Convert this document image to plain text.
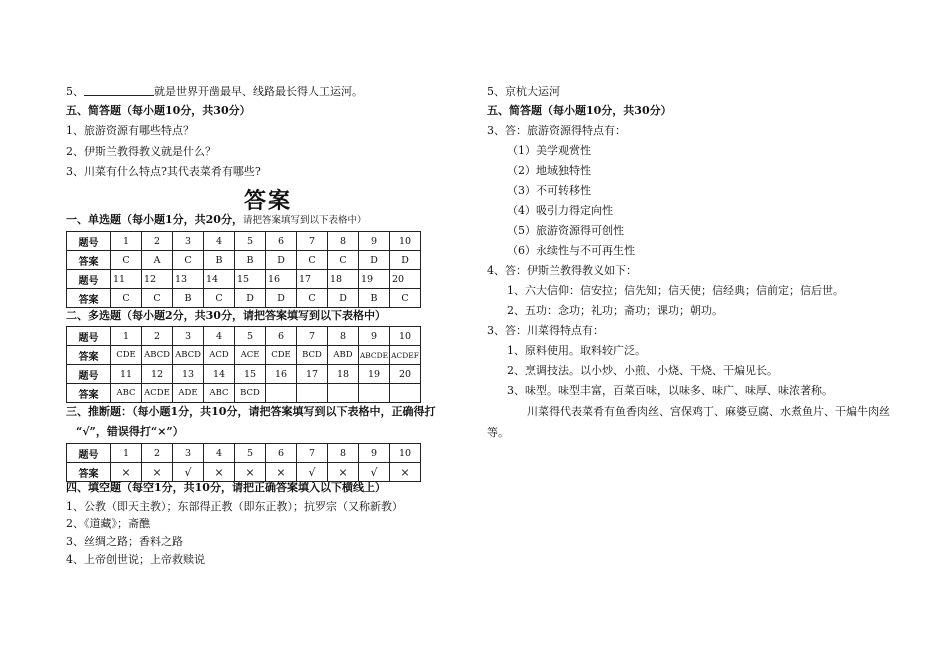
5、	就是世界开凿最早、线路最长得人工运河。
五、简答题（每小题10分，共30分）
1、旅游资源有哪些特点？
2、伊斯兰教得教义就是什么？
3、川菜有什么特点?其代表菜肴有哪些?
答案
一、单选题（每小题1分，共20分，请把答案填写到以下表格中）
题号	1	2	3	4	5	6	7	8	9	10
答案	C	A	C	B	B	D	C	C	D	D
题号	11	12	13	14	15	16	17	18	19	20
答案	C	C	B	C	D	D	C	D	B	C
二、多选题（每小题2分，共30分，请把答案填写到以下表格中）
题号	1	2	3	4	5	6	7	8	9	10
答案	CDE	ABCD	ABCD	ACD	ACE	CDE	BCD	ABD	ABCDE	ACDEF
题号	11	12	13	14	15	16	17	18	19	20
答案	ABC	ACDE	ADE	ABC	BCD					
三、推断题：（每小题1分，共10分，请把答案填写到以下表格中，正确得打
“√”，错误得打“×”）
题号	1	2	3	4	5	6	7	8	9	10
答案	×	×	√	×	×	×	√	×	√	×
四、填空题（每空1分，共10分，请把正确答案填入以下横线上）
1、公教（即天主教）；东部得正教（即东正教）；抗罗宗（又称新教）
2、《道藏》；斋醮
3、丝绸之路；香料之路
4、上帝创世说；上帝救赎说
5、京杭大运河
五、简答题（每小题10分，共30分）
3、答：旅游资源得特点有：
（1）美学观赏性
（2）地域独特性
（3）不可转移性
（4）吸引力得定向性
（5）旅游资源得可创性
（6）永续性与不可再生性
4、答：伊斯兰教得教义如下：
1、六大信仰：信安拉；信先知；信天使；信经典；信前定；信后世。
2、五功：念功；礼功；斋功；课功；朝功。
3、答：川菜得特点有：
1、原料使用。取料较广泛。
2、烹调技法。以小炒、小煎、小烧、干烧、干煸见长。
3、味型。味型丰富，百菜百味，以味多、味广、味厚、味浓著称。
川菜得代表菜肴有鱼香肉丝、宫保鸡丁、麻婆豆腐、水煮鱼片、干煸牛肉丝
等。
